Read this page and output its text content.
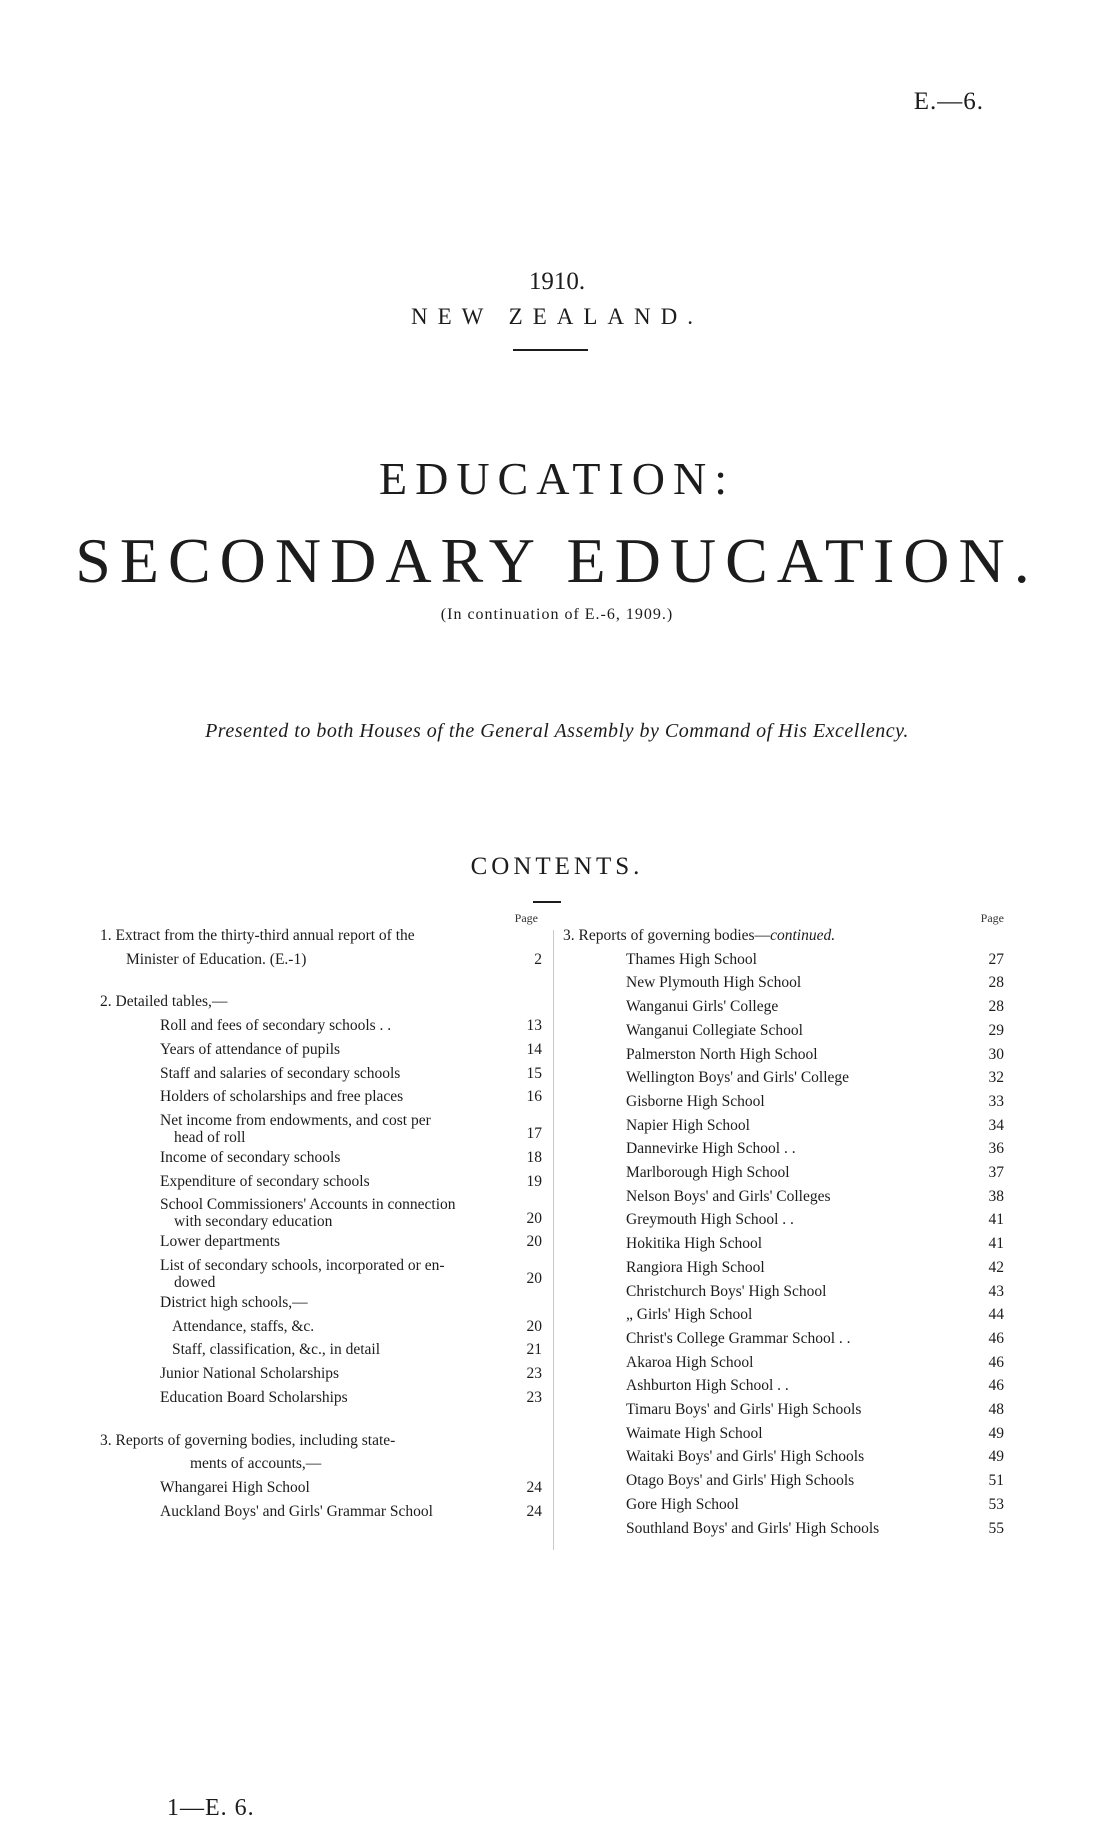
E.—6.
1910.
NEW ZEALAND.
EDUCATION:
SECONDARY EDUCATION.
(In continuation of E.-6, 1909.)
Presented to both Houses of the General Assembly by Command of His Excellency.
CONTENTS.
Page
1. Extract from the thirty-third annual report of the
Minister of Education. (E.-1)	2
2. Detailed tables,—
Roll and fees of secondary schools . .	13
Years of attendance of pupils	14
Staff and salaries of secondary schools	15
Holders of scholarships and free places	16
Net income from endowments, and cost per
head of roll	17
Income of secondary schools	18
Expenditure of secondary schools	19
School Commissioners' Accounts in connection
with secondary education	20
Lower departments	20
List of secondary schools, incorporated or en-
dowed	20
District high schools,—
Attendance, staffs, &c.	20
Staff, classification, &c., in detail	21
Junior National Scholarships	23
Education Board Scholarships	23
3. Reports of governing bodies, including state-
ments of accounts,—
Whangarei High School	24
Auckland Boys' and Girls' Grammar School	24
Page
3. Reports of governing bodies—continued.
Thames High School	27
New Plymouth High School	28
Wanganui Girls' College	28
Wanganui Collegiate School	29
Palmerston North High School	30
Wellington Boys' and Girls' College	32
Gisborne High School	33
Napier High School	34
Dannevirke High School . .	36
Marlborough High School	37
Nelson Boys' and Girls' Colleges	38
Greymouth High School . .	41
Hokitika High School	41
Rangiora High School	42
Christchurch Boys' High School	43
„ Girls' High School	44
Christ's College Grammar School . .	46
Akaroa High School	46
Ashburton High School . .	46
Timaru Boys' and Girls' High Schools	48
Waimate High School	49
Waitaki Boys' and Girls' High Schools	49
Otago Boys' and Girls' High Schools	51
Gore High School	53
Southland Boys' and Girls' High Schools	55
1—E. 6.
